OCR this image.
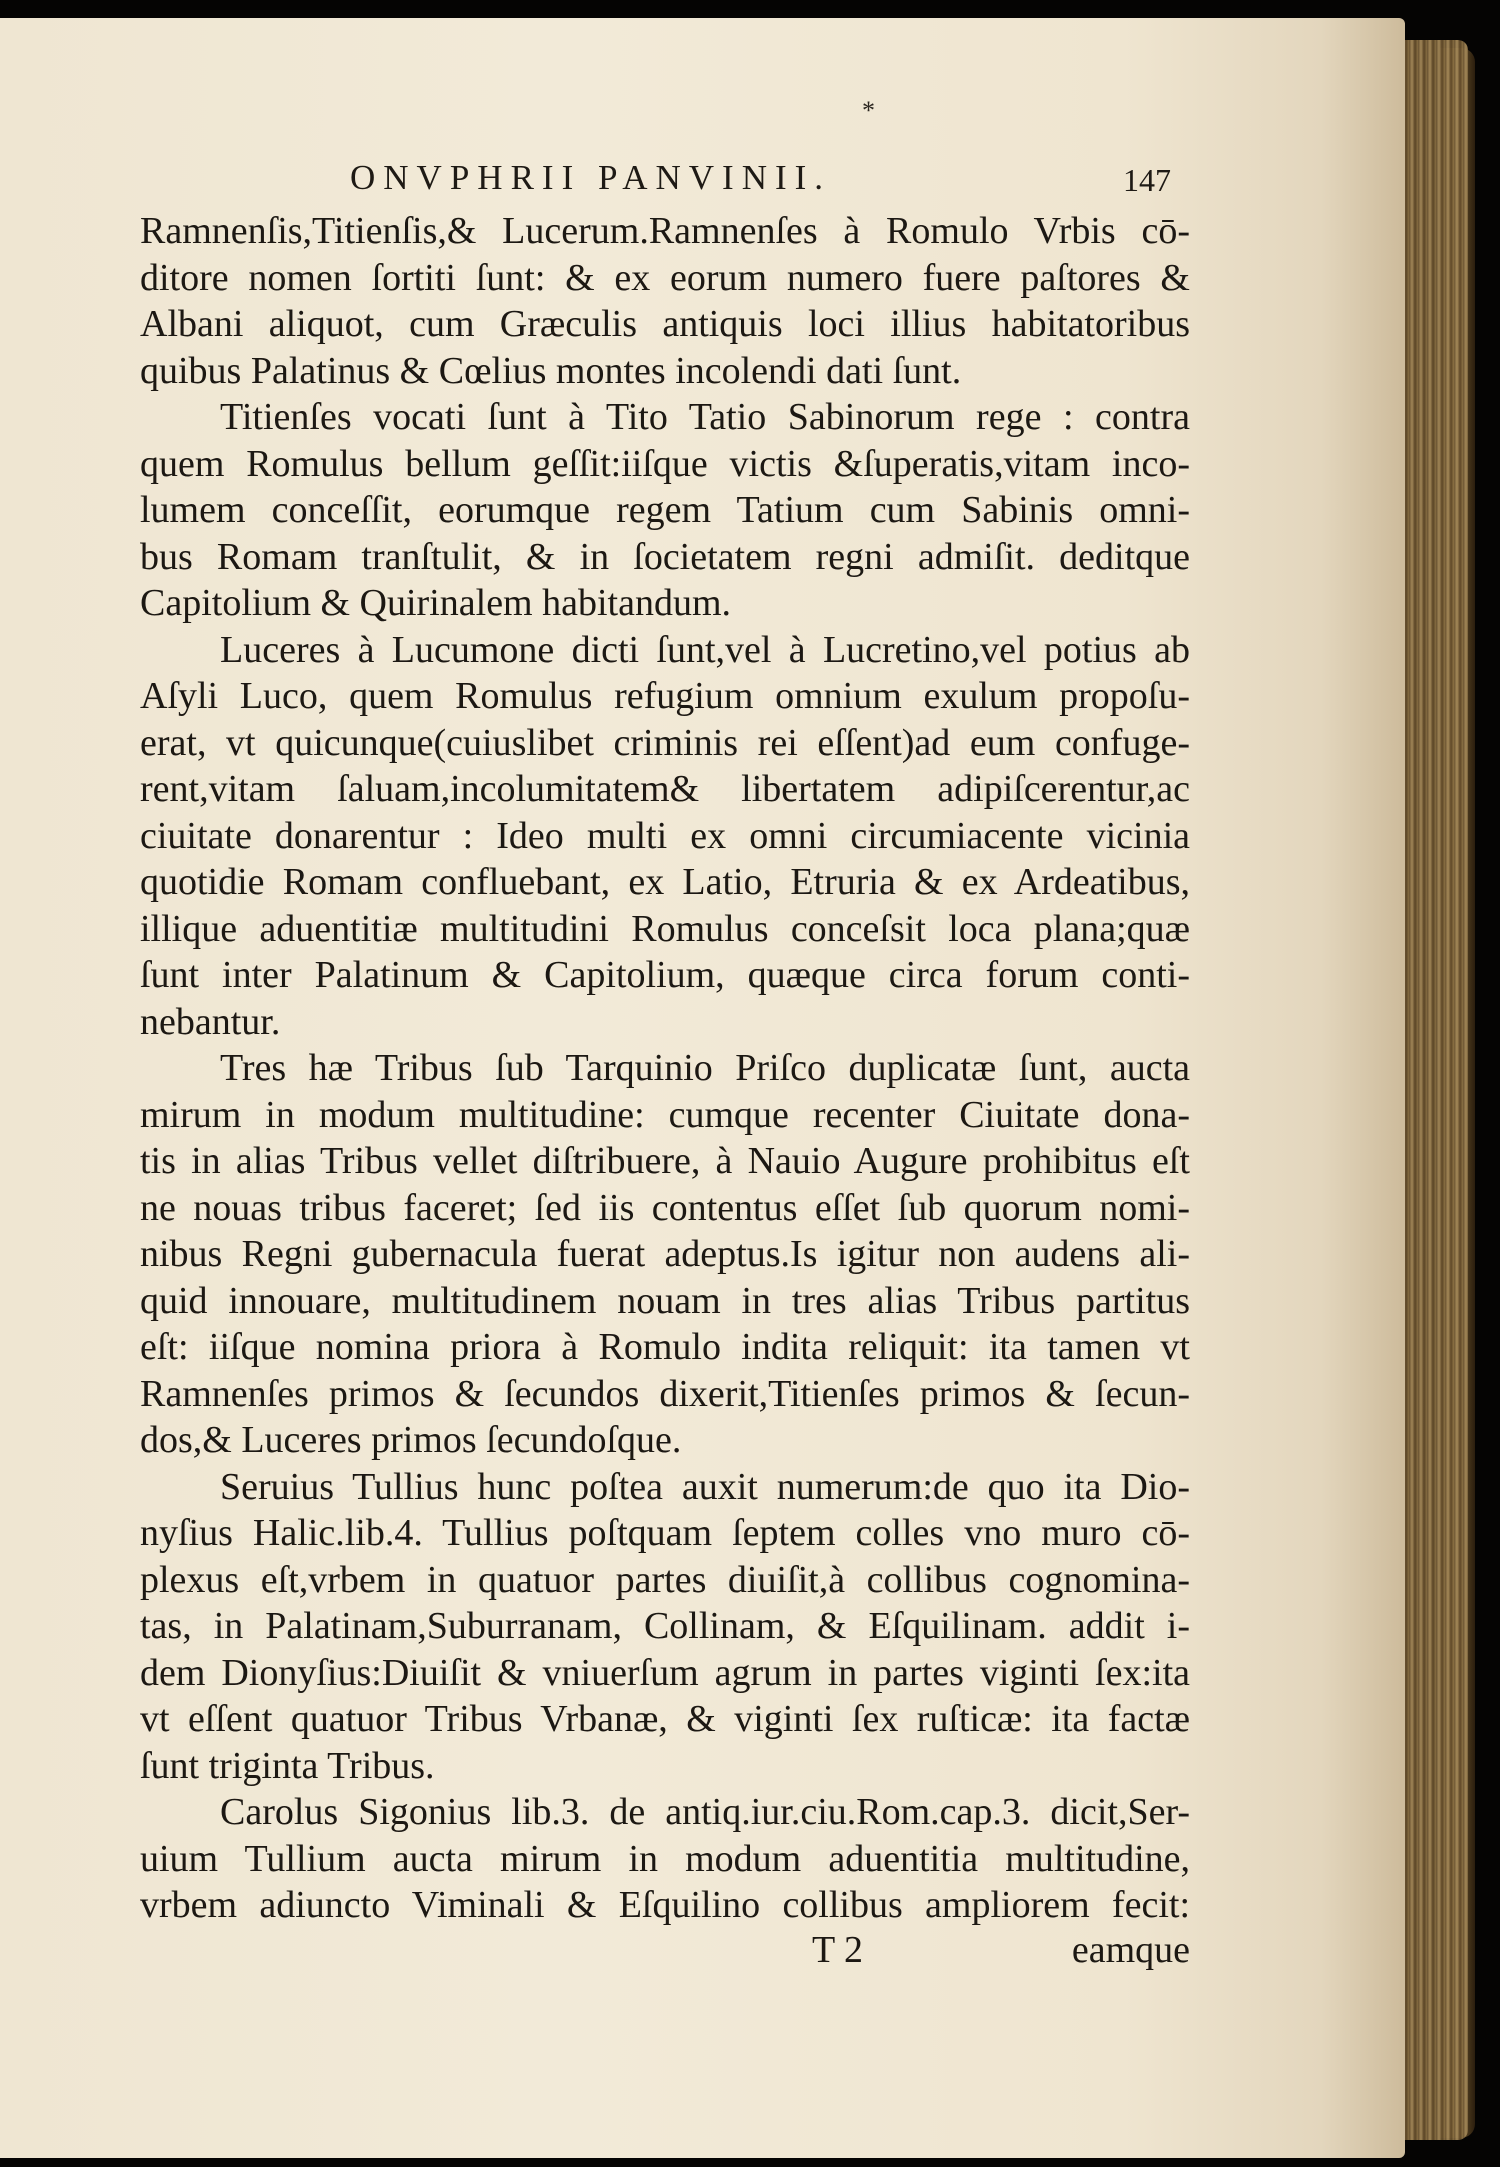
*
ONVPHRII PANVINII.	147
Ramnenſis,Titienſis,& Lucerum.Ramnenſes à Romulo Vrbis cō-
ditore nomen ſortiti ſunt: & ex eorum numero fuere paſtores &
Albani aliquot, cum Græculis antiquis loci illius habitatoribus
quibus Palatinus & Cœlius montes incolendi dati ſunt.
Titienſes vocati ſunt à Tito Tatio Sabinorum rege : contra
quem Romulus bellum geſſit:iiſque victis &ſuperatis,vitam inco-
lumem conceſſit, eorumque regem Tatium cum Sabinis omni-
bus Romam tranſtulit, & in ſocietatem regni admiſit. deditque
Capitolium & Quirinalem habitandum.
Luceres à Lucumone dicti ſunt,vel à Lucretino,vel potius ab
Aſyli Luco, quem Romulus refugium omnium exulum propoſu-
erat, vt quicunque(cuiuslibet criminis rei eſſent)ad eum confuge-
rent,vitam ſaluam,incolumitatem& libertatem adipiſcerentur,ac
ciuitate donarentur : Ideo multi ex omni circumiacente vicinia
quotidie Romam confluebant, ex Latio, Etruria & ex Ardeatibus,
illique aduentitiæ multitudini Romulus conceſsit loca plana;quæ
ſunt inter Palatinum & Capitolium, quæque circa forum conti-
nebantur.
Tres hæ Tribus ſub Tarquinio Priſco duplicatæ ſunt, aucta
mirum in modum multitudine: cumque recenter Ciuitate dona-
tis in alias Tribus vellet diſtribuere, à Nauio Augure prohibitus eſt
ne nouas tribus faceret; ſed iis contentus eſſet ſub quorum nomi-
nibus Regni gubernacula fuerat adeptus.Is igitur non audens ali-
quid innouare, multitudinem nouam in tres alias Tribus partitus
eſt: iiſque nomina priora à Romulo indita reliquit: ita tamen vt
Ramnenſes primos & ſecundos dixerit,Titienſes primos & ſecun-
dos,& Luceres primos ſecundoſque.
Seruius Tullius hunc poſtea auxit numerum:de quo ita Dio-
nyſius Halic.lib.4. Tullius poſtquam ſeptem colles vno muro cō-
plexus eſt,vrbem in quatuor partes diuiſit,à collibus cognomina-
tas, in Palatinam,Suburranam, Collinam, & Eſquilinam. addit i-
dem Dionyſius:Diuiſit & vniuerſum agrum in partes viginti ſex:ita
vt eſſent quatuor Tribus Vrbanæ, & viginti ſex ruſticæ: ita factæ
ſunt triginta Tribus.
Carolus Sigonius lib.3. de antiq.iur.ciu.Rom.cap.3. dicit,Ser-
uium Tullium aucta mirum in modum aduentitia multitudine,
vrbem adiuncto Viminali & Eſquilino collibus ampliorem fecit:
T 2	eamque
